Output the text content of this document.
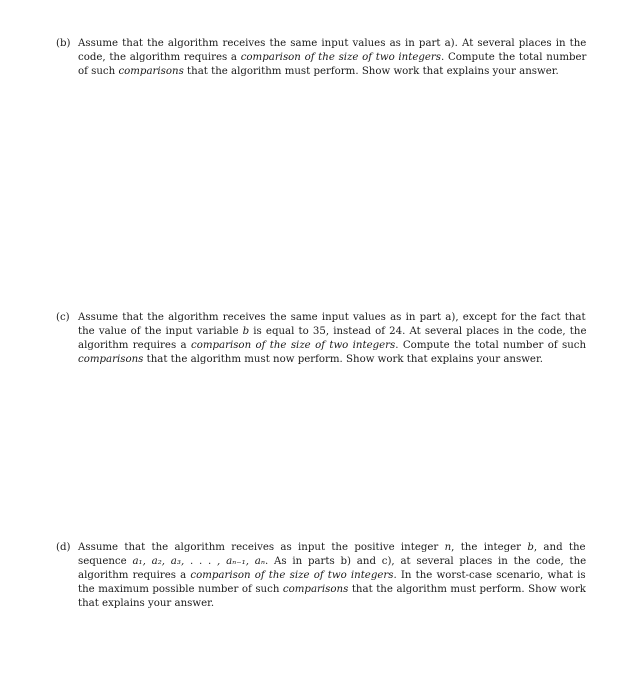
(b) Assume that the algorithm receives the same input values as in part a). At several places in the
code, the algorithm requires a comparison of the size of two integers. Compute the total number
of such comparisons that the algorithm must perform. Show work that explains your answer.
(c) Assume that the algorithm receives the same input values as in part a), except for the fact that
the value of the input variable b is equal to 35, instead of 24. At several places in the code, the
algorithm requires a comparison of the size of two integers. Compute the total number of such
comparisons that the algorithm must now perform. Show work that explains your answer.
(d) Assume that the algorithm receives as input the positive integer n, the integer b, and the
sequence a₁, a₂, a₃, . . . , aₙ₋₁, aₙ. As in parts b) and c), at several places in the code, the
algorithm requires a comparison of the size of two integers. In the worst-case scenario, what is
the maximum possible number of such comparisons that the algorithm must perform. Show work
that explains your answer.
